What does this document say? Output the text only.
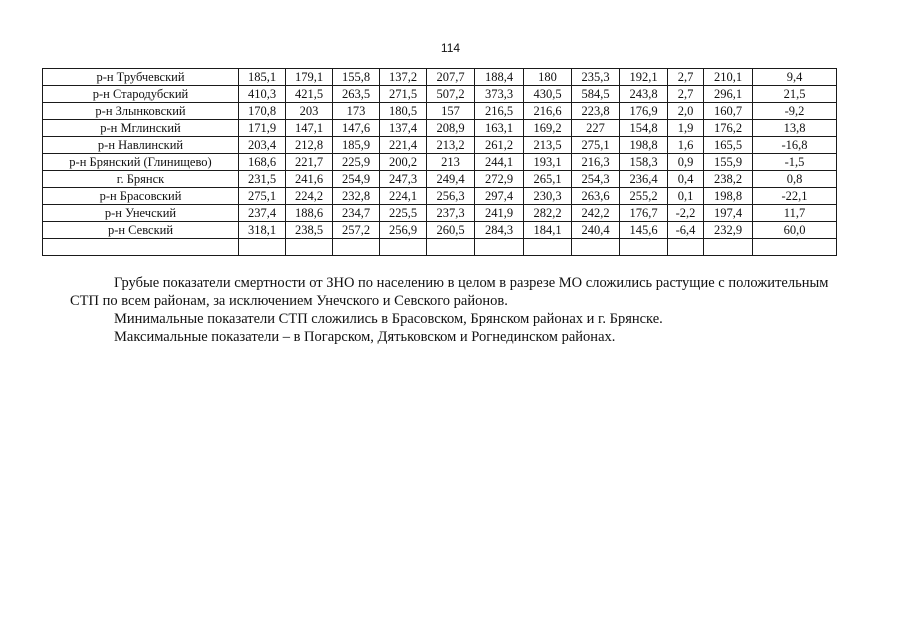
114
р-н Трубчевский	185,1	179,1	155,8	137,2	207,7	188,4	180	235,3	192,1	2,7	210,1	9,4
р-н Стародубский	410,3	421,5	263,5	271,5	507,2	373,3	430,5	584,5	243,8	2,7	296,1	21,5
р-н Злынковский	170,8	203	173	180,5	157	216,5	216,6	223,8	176,9	2,0	160,7	-9,2
р-н Мглинский	171,9	147,1	147,6	137,4	208,9	163,1	169,2	227	154,8	1,9	176,2	13,8
р-н Навлинский	203,4	212,8	185,9	221,4	213,2	261,2	213,5	275,1	198,8	1,6	165,5	-16,8
р-н Брянский (Глинищево)	168,6	221,7	225,9	200,2	213	244,1	193,1	216,3	158,3	0,9	155,9	-1,5
г. Брянск	231,5	241,6	254,9	247,3	249,4	272,9	265,1	254,3	236,4	0,4	238,2	0,8
р-н Брасовский	275,1	224,2	232,8	224,1	256,3	297,4	230,3	263,6	255,2	0,1	198,8	-22,1
р-н Унечский	237,4	188,6	234,7	225,5	237,3	241,9	282,2	242,2	176,7	-2,2	197,4	11,7
р-н Севский	318,1	238,5	257,2	256,9	260,5	284,3	184,1	240,4	145,6	-6,4	232,9	60,0

Грубые показатели смертности от ЗНО по населению в целом в разрезе МО сложились растущие с положительным

СТП по всем районам, за исключением Унечского и Севского районов.

Минимальные показатели СТП сложились в Брасовском, Брянском районах и г. Брянске.

Максимальные показатели – в Погарском, Дятьковском и Рогнединском районах.
